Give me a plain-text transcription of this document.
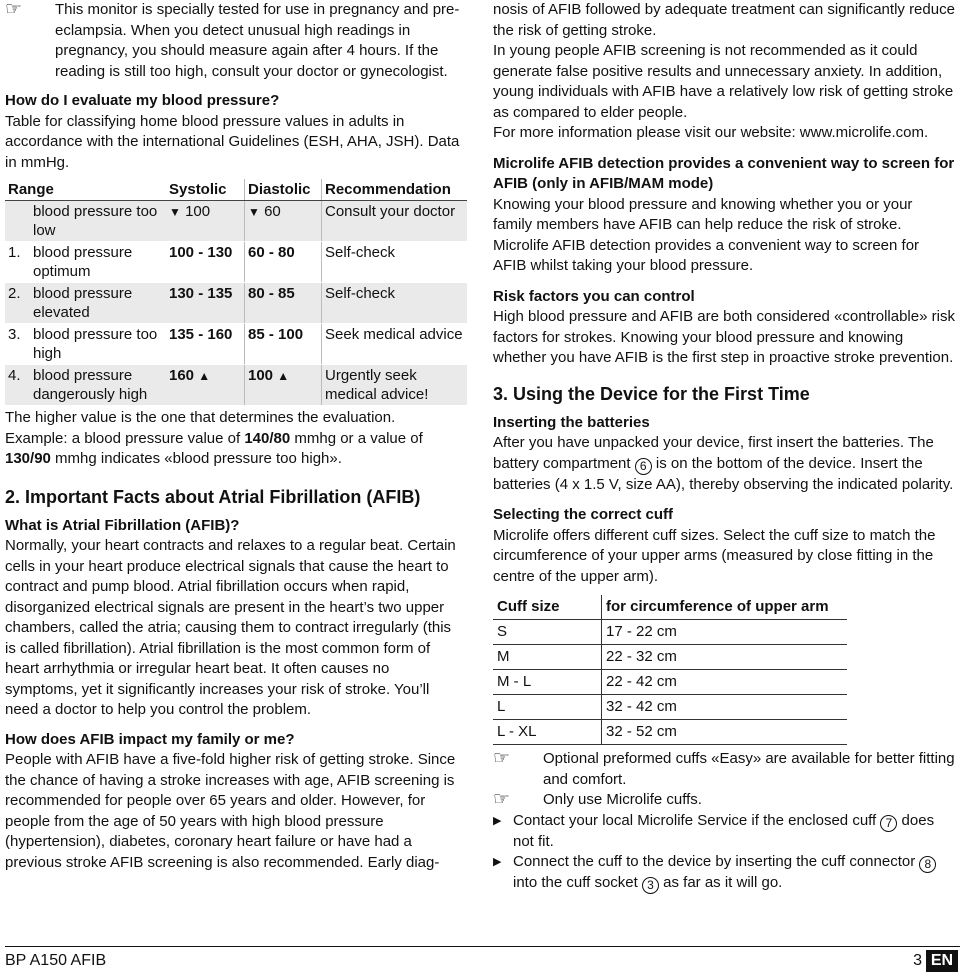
☞	This monitor is specially tested for use in pregnancy and pre-eclampsia. When you detect unusual high readings in pregnancy, you should measure again after 4 hours. If the reading is still too high, consult your doctor or gynecologist.

How do I evaluate my blood pressure?

Table for classifying home blood pressure values in adults in accordance with the international Guidelines (ESH, AHA, JSH). Data in mmHg.

Range		Systolic	Diastolic	Recommendation
	blood pressure too low	▼ 100	▼ 60	Consult your doctor
1.	blood pressure optimum	100 - 130	60 - 80	Self-check
2.	blood pressure elevated	130 - 135	80 - 85	Self-check
3.	blood pressure too high	135 - 160	85 - 100	Seek medical advice
4.	blood pressure dangerously high	160 ▲	100 ▲	Urgently seek medical advice!

The higher value is the one that determines the evaluation.

Example: a blood pressure value of 140/80 mmhg or a value of 130/90 mmhg indicates «blood pressure too high».

2. Important Facts about Atrial Fibrillation (AFIB)

What is Atrial Fibrillation (AFIB)?

Normally, your heart contracts and relaxes to a regular beat. Certain cells in your heart produce electrical signals that cause the heart to contract and pump blood. Atrial fibrillation occurs when rapid, disorganized electrical signals are present in the heart’s two upper chambers, called the atria; causing them to contract irregularly (this is called fibrillation). Atrial fibrillation is the most common form of heart arrhythmia or irregular heart beat. It often causes no symptoms, yet it significantly increases your risk of stroke. You’ll need a doctor to help you control the problem.

How does AFIB impact my family or me?

People with AFIB have a five-fold higher risk of getting stroke. Since the chance of having a stroke increases with age, AFIB screening is recommended for people over 65 years and older. However, for people from the age of 50 years with high blood pressure (hypertension), diabetes, coronary heart failure or have had a previous stroke AFIB screening is also recommended. Early diag-

nosis of AFIB followed by adequate treatment can significantly reduce the risk of getting stroke.

In young people AFIB screening is not recommended as it could generate false positive results and unnecessary anxiety. In addition, young individuals with AFIB have a relatively low risk of getting stroke as compared to elder people.

For more information please visit our website: www.microlife.com.

Microlife AFIB detection provides a convenient way to screen for AFIB (only in AFIB/MAM mode)

Knowing your blood pressure and knowing whether you or your family members have AFIB can help reduce the risk of stroke. Microlife AFIB detection provides a convenient way to screen for AFIB whilst taking your blood pressure.

Risk factors you can control

High blood pressure and AFIB are both considered «controllable» risk factors for strokes. Knowing your blood pressure and knowing whether you have AFIB is the first step in proactive stroke prevention.

3. Using the Device for the First Time

Inserting the batteries

After you have unpacked your device, first insert the batteries. The battery compartment 6 is on the bottom of the device. Insert the batteries (4 x 1.5 V, size AA), thereby observing the indicated polarity.

Selecting the correct cuff

Microlife offers different cuff sizes. Select the cuff size to match the circumference of your upper arms (measured by close fitting in the centre of the upper arm).

Cuff size	for circumference of upper arm
S	17 - 22 cm
M	22 - 32 cm
M - L	22 - 42 cm
L	32 - 42 cm
L - XL	32 - 52 cm
☞	Optional preformed cuffs «Easy» are available for better fitting and comfort.

☞	Only use Microlife cuffs.

▶ Contact your local Microlife Service if the enclosed cuff 7 does not fit.

▶ Connect the cuff to the device by inserting the cuff connector 8 into the cuff socket 3 as far as it will go.

BP A150 AFIB	3 EN
